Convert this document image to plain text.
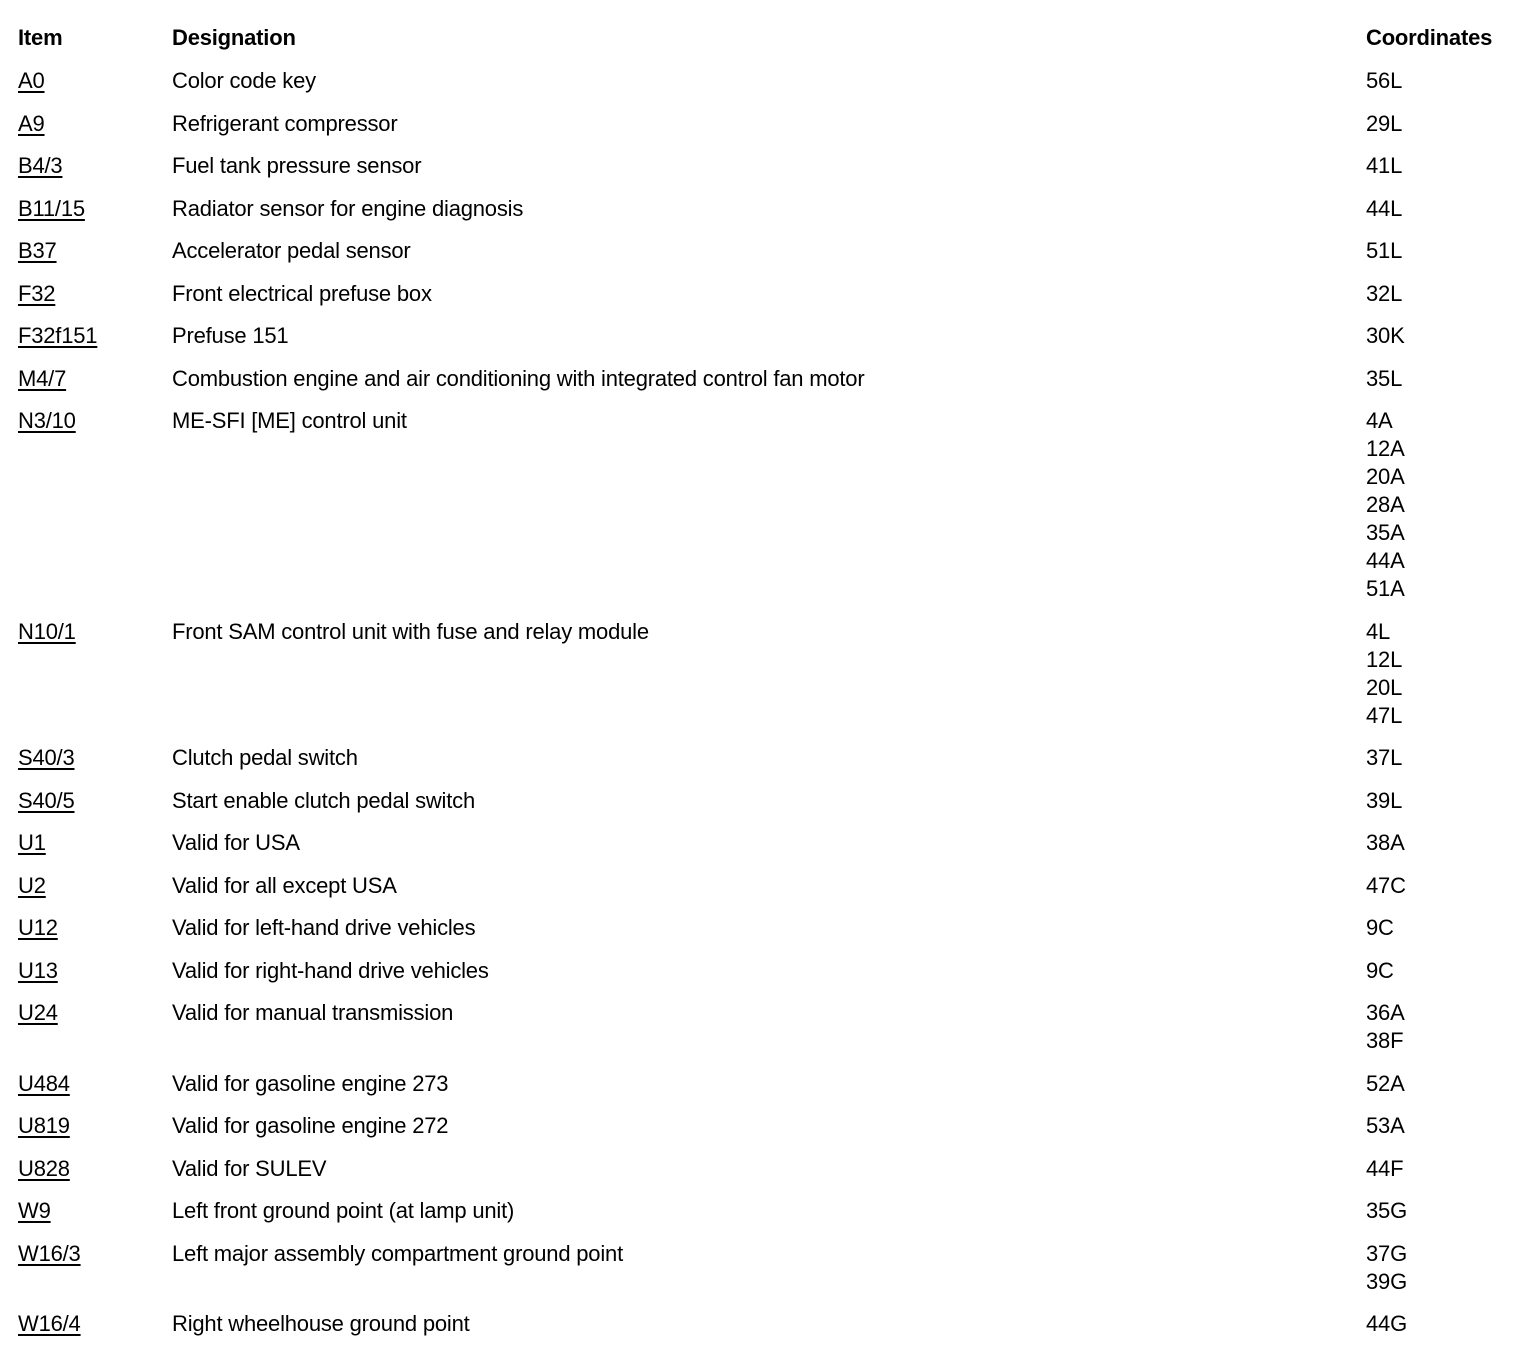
Item	Designation	Coordinates
A0	Color code key	56L
A9	Refrigerant compressor	29L
B4/3	Fuel tank pressure sensor	41L
B11/15	Radiator sensor for engine diagnosis	44L
B37	Accelerator pedal sensor	51L
F32	Front electrical prefuse box	32L
F32f151	Prefuse 151	30K
M4/7	Combustion engine and air conditioning with integrated control fan motor	35L
N3/10	ME-SFI [ME] control unit	4A
12A
20A
28A
35A
44A
51A
N10/1	Front SAM control unit with fuse and relay module	4L
12L
20L
47L
S40/3	Clutch pedal switch	37L
S40/5	Start enable clutch pedal switch	39L
U1	Valid for USA	38A
U2	Valid for all except USA	47C
U12	Valid for left-hand drive vehicles	9C
U13	Valid for right-hand drive vehicles	9C
U24	Valid for manual transmission	36A
38F
U484	Valid for gasoline engine 273	52A
U819	Valid for gasoline engine 272	53A
U828	Valid for SULEV	44F
W9	Left front ground point (at lamp unit)	35G
W16/3	Left major assembly compartment ground point	37G
39G
W16/4	Right wheelhouse ground point	44G
